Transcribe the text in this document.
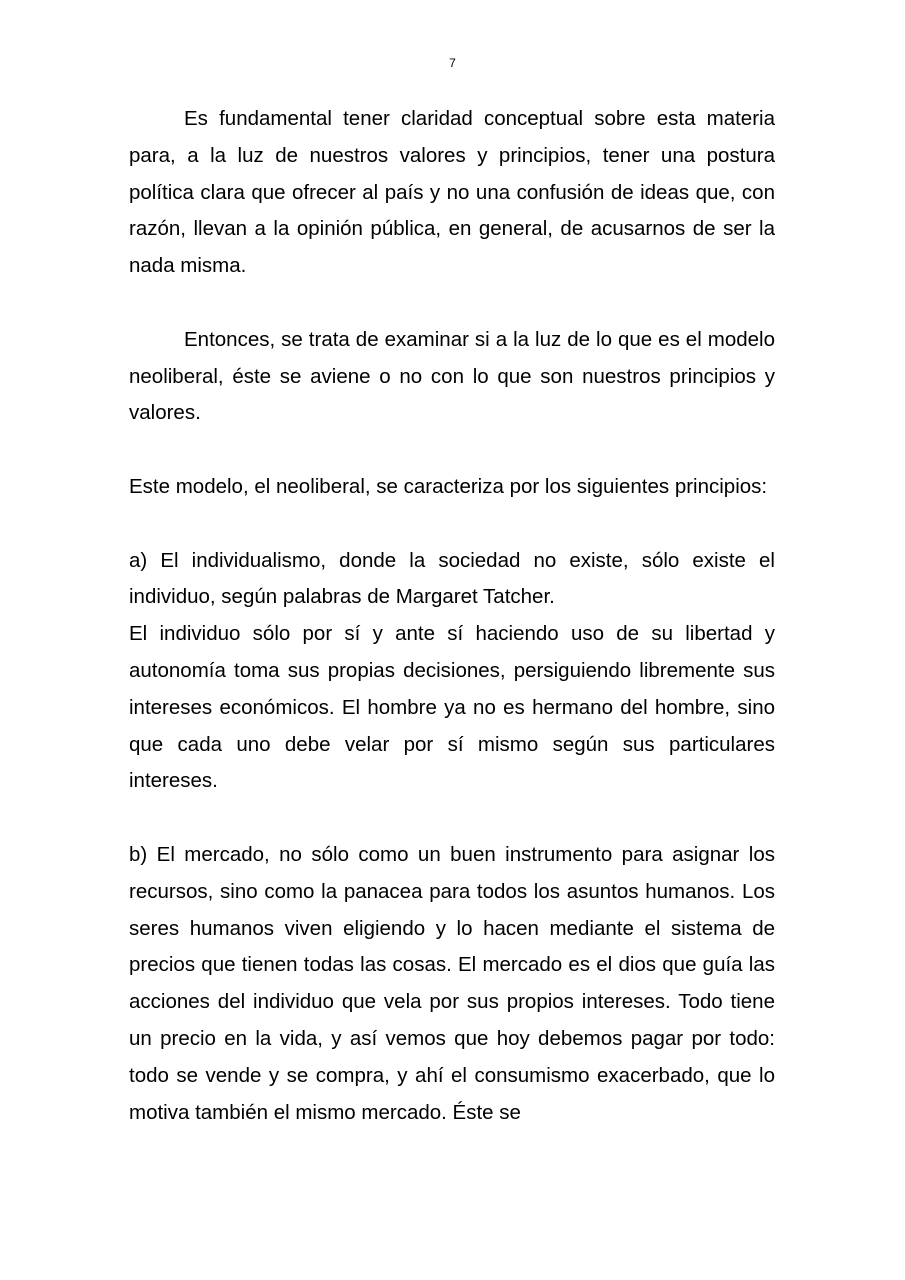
7

Es fundamental tener claridad conceptual sobre esta materia para, a la luz de nuestros valores y principios, tener una postura política clara que ofrecer al país y no una confusión de ideas que, con razón, llevan a la opinión pública, en general, de acusarnos de ser la nada misma.

Entonces, se trata de examinar si a la luz de lo que es el modelo neoliberal, éste se aviene o no con lo que son nuestros principios y valores.

Este modelo, el neoliberal, se caracteriza por los siguientes principios:

a) El individualismo, donde la sociedad no existe, sólo existe el individuo, según palabras de Margaret Tatcher.

El individuo sólo por sí y ante sí haciendo uso de su libertad y autonomía toma sus propias decisiones, persiguiendo libremente sus intereses económicos. El hombre ya no es hermano del hombre, sino que cada uno debe velar por sí mismo según sus particulares intereses.

b) El mercado, no sólo como un buen instrumento para asignar los recursos, sino como la panacea para todos los asuntos humanos. Los seres humanos viven eligiendo y lo hacen mediante el sistema de precios que tienen todas las cosas. El mercado es el dios que guía las acciones del individuo que vela por sus propios intereses. Todo tiene un precio en la vida, y así vemos que hoy debemos pagar por todo: todo se vende y se compra, y ahí el consumismo exacerbado, que lo motiva también el mismo mercado. Éste se
